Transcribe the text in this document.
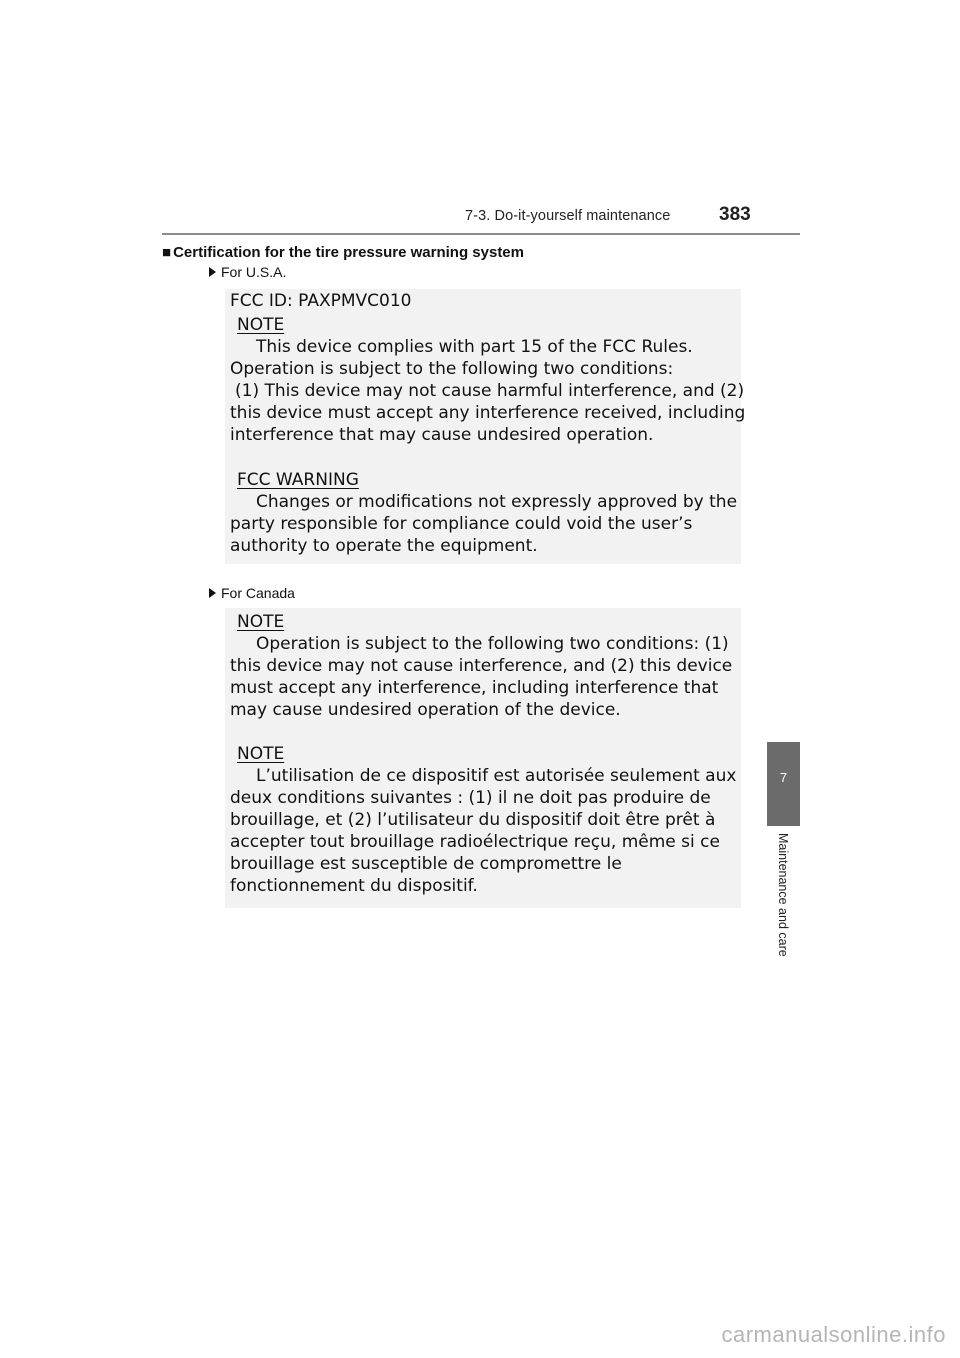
7-3. Do-it-yourself maintenance	383
7
Maintenance and care
■ Certification for the tire pressure warning system
For U.S.A.
FCC ID: PAXPMVC010
NOTE
This device complies with part 15 of the FCC Rules.
Operation is subject to the following two conditions:
(1) This device may not cause harmful interference, and (2)
this device must accept any interference received, including
interference that may cause undesired operation.
FCC WARNING
Changes or modifications not expressly approved by the
party responsible for compliance could void the user’s
authority to operate the equipment.
For Canada
NOTE
Operation is subject to the following two conditions: (1)
this device may not cause interference, and (2) this device
must accept any interference, including interference that
may cause undesired operation of the device.
NOTE
L’utilisation de ce dispositif est autorisée seulement aux
deux conditions suivantes : (1) il ne doit pas produire de
brouillage, et (2) l’utilisateur du dispositif doit être prêt à
accepter tout brouillage radioélectrique reçu, même si ce
brouillage est susceptible de compromettre le
fonctionnement du dispositif.
carmanualsonline.info
